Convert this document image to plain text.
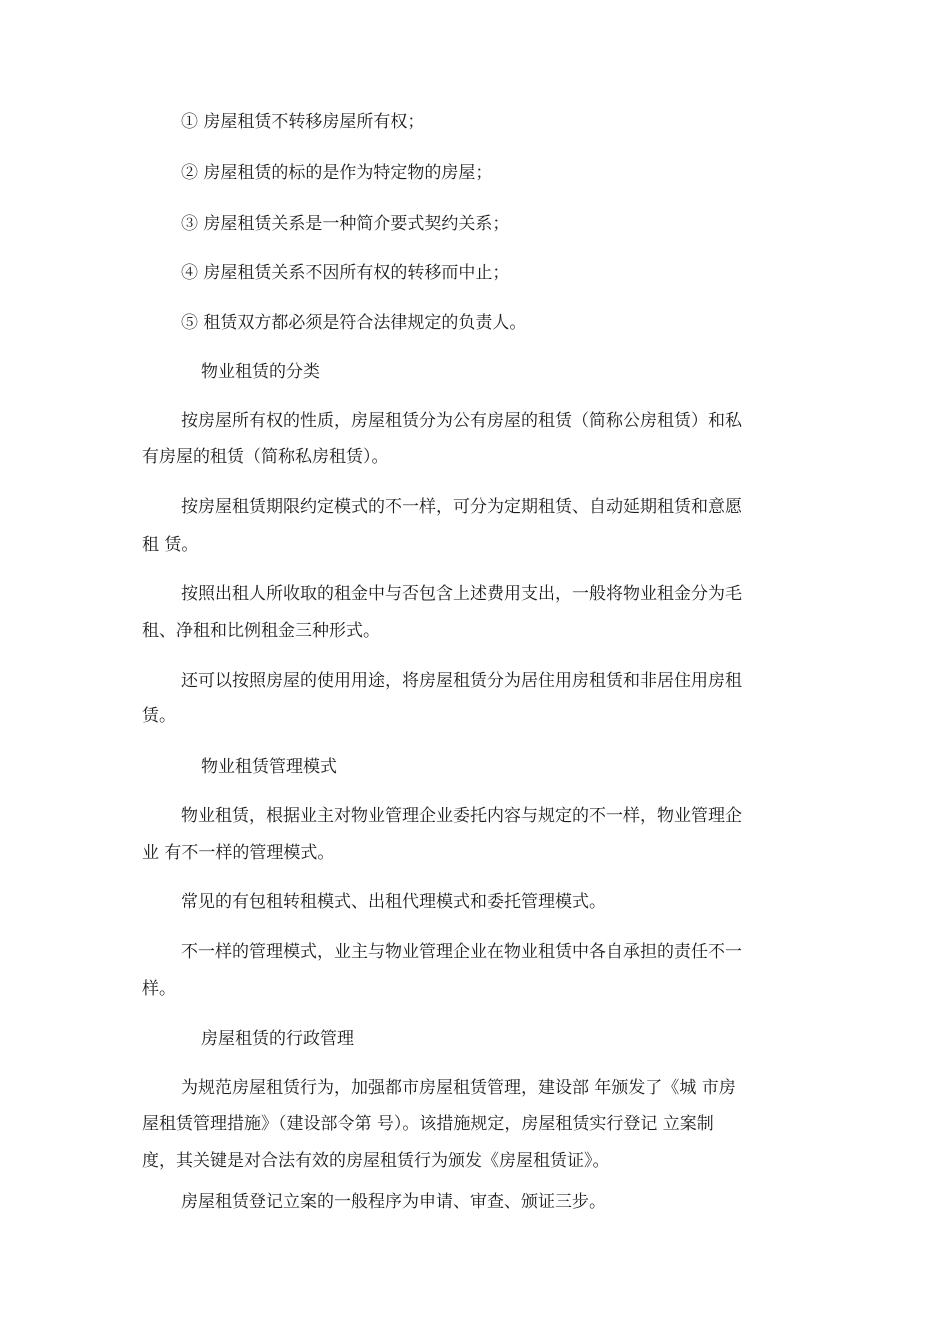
① 房屋租赁不转移房屋所有权；
② 房屋租赁的标的是作为特定物的房屋；
③ 房屋租赁关系是一种简介要式契约关系；
④ 房屋租赁关系不因所有权的转移而中止；
⑤ 租赁双方都必须是符合法律规定的负责人。
物业租赁的分类
按房屋所有权的性质，房屋租赁分为公有房屋的租赁（简称公房租赁）和私
有房屋的租赁（简称私房租赁）。
按房屋租赁期限约定模式的不一样，可分为定期租赁、自动延期租赁和意愿
租 赁。
按照出租人所收取的租金中与否包含上述费用支出，一般将物业租金分为毛
租、净租和比例租金三种形式。
还可以按照房屋的使用用途，将房屋租赁分为居住用房租赁和非居住用房租
赁。
物业租赁管理模式
物业租赁，根据业主对物业管理企业委托内容与规定的不一样，物业管理企
业 有不一样的管理模式。
常见的有包租转租模式、出租代理模式和委托管理模式。
不一样的管理模式，业主与物业管理企业在物业租赁中各自承担的责任不一
样。
房屋租赁的行政管理
为规范房屋租赁行为，加强都市房屋租赁管理，建设部 年颁发了《城 市房
屋租赁管理措施》（建设部令第 号）。该措施规定，房屋租赁实行登记 立案制
度，其关键是对合法有效的房屋租赁行为颁发《房屋租赁证》。
房屋租赁登记立案的一般程序为申请、审查、颁证三步。
